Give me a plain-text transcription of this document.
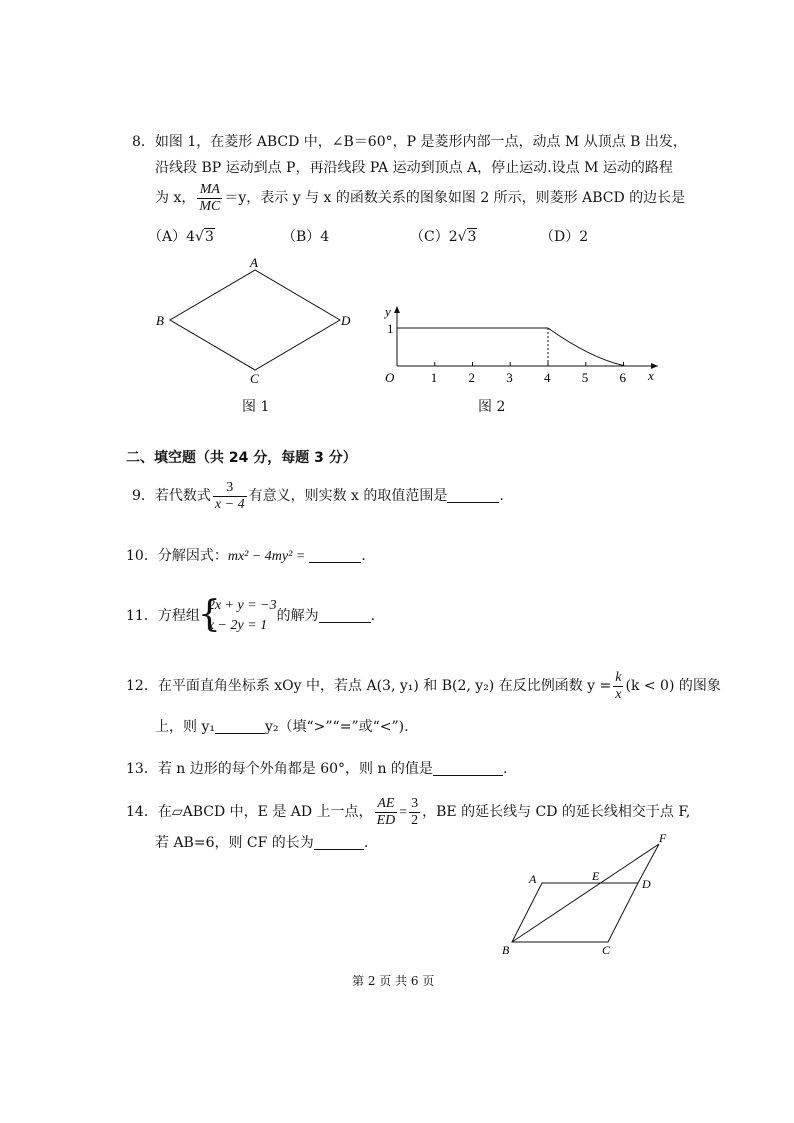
8．如图 1，在菱形 ABCD 中，∠B＝60°，P 是菱形内部一点，动点 M 从顶点 B 出发，
沿线段 BP 运动到点 P，再沿线段 PA 运动到顶点 A，停止运动.设点 M 运动的路程
为 x， $\frac{MA}{MC} =y$，表示 y 与 x 的函数关系的图象如图 2 所示，则菱形 ABCD 的边长是
（A）4√3	（B）4	（C）2√3	（D）2
A
B
C
D
图 1
y
x
O
1
1 2 3 4 5 6
图 2
二、填空题（共 24 分，每题 3 分）
9．若代数式 $\frac{3}{x - 4}$ 有意义，则实数 x 的取值范围是	.
10．分解因式：mx² − 4my² =	.
11．方程组
{
2x + y = −3
x − 2y = 1
的解为	.
12．在平面直角坐标系 xOy 中，若点 A(3, y₁) 和 B(2, y₂) 在反比例函数 $y = \frac{k}{x} (k < 0)$ 的图象
上，则 y₁	y₂（填“>”“=”或“<”).
13．若 n 边形的每个外角都是 60°，则 n 的值是	.
14．在▱ABCD 中，E 是 AD 上一点， $\frac{AE}{ED} = \frac{3}{2}$ ，BE 的延长线与 CD 的延长线相交于点 F,
若 AB=6，则 CF 的长为	.
A	E
D
F
B	C
第 2 页 共 6 页
